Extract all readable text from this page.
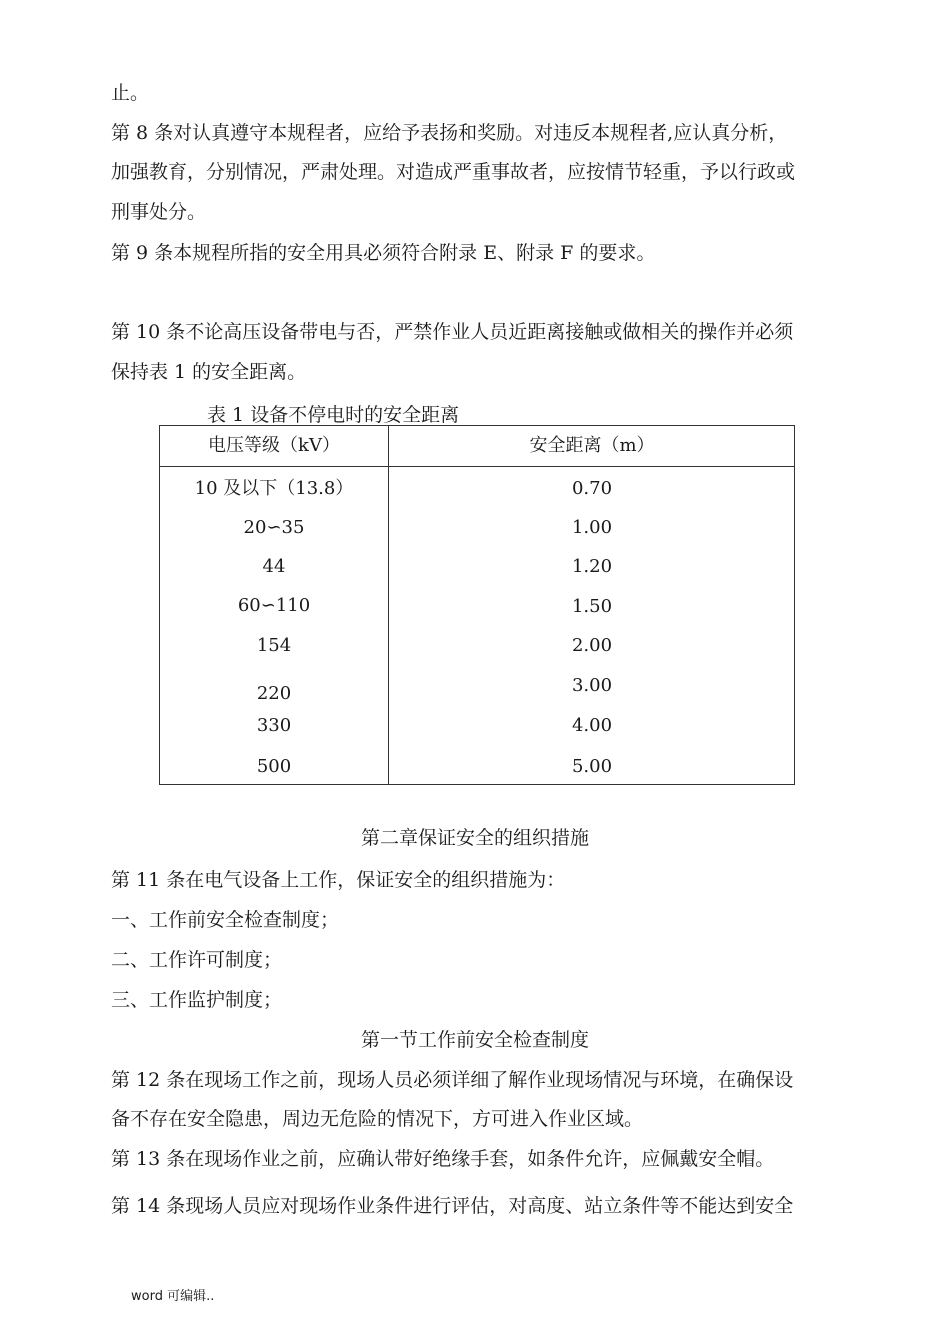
止。

第 8 条对认真遵守本规程者，应给予表扬和奖励。对违反本规程者,应认真分析，

加强教育，分别情况，严肃处理。对造成严重事故者，应按情节轻重，予以行政或

刑事处分。

第 9 条本规程所指的安全用具必须符合附录 E、附录 F 的要求。

第 10 条不论高压设备带电与否，严禁作业人员近距离接触或做相关的操作并必须

保持表 1 的安全距离。

表 1 设备不停电时的安全距离

电压等级（kV）	安全距离（m）

10 及以下（13.8）	0.70

20∽35	1.00

44	1.20

60∽110	1.50

154	2.00

220	3.00

330	4.00

500	5.00

第二章保证安全的组织措施

第 11 条在电气设备上工作，保证安全的组织措施为：

一、工作前安全检查制度；

二、工作许可制度；

三、工作监护制度；

第一节工作前安全检查制度

第 12 条在现场工作之前，现场人员必须详细了解作业现场情况与环境，在确保设

备不存在安全隐患，周边无危险的情况下，方可进入作业区域。

第 13 条在现场作业之前，应确认带好绝缘手套，如条件允许，应佩戴安全帽。

第 14 条现场人员应对现场作业条件进行评估，对高度、站立条件等不能达到安全

word 可编辑..
